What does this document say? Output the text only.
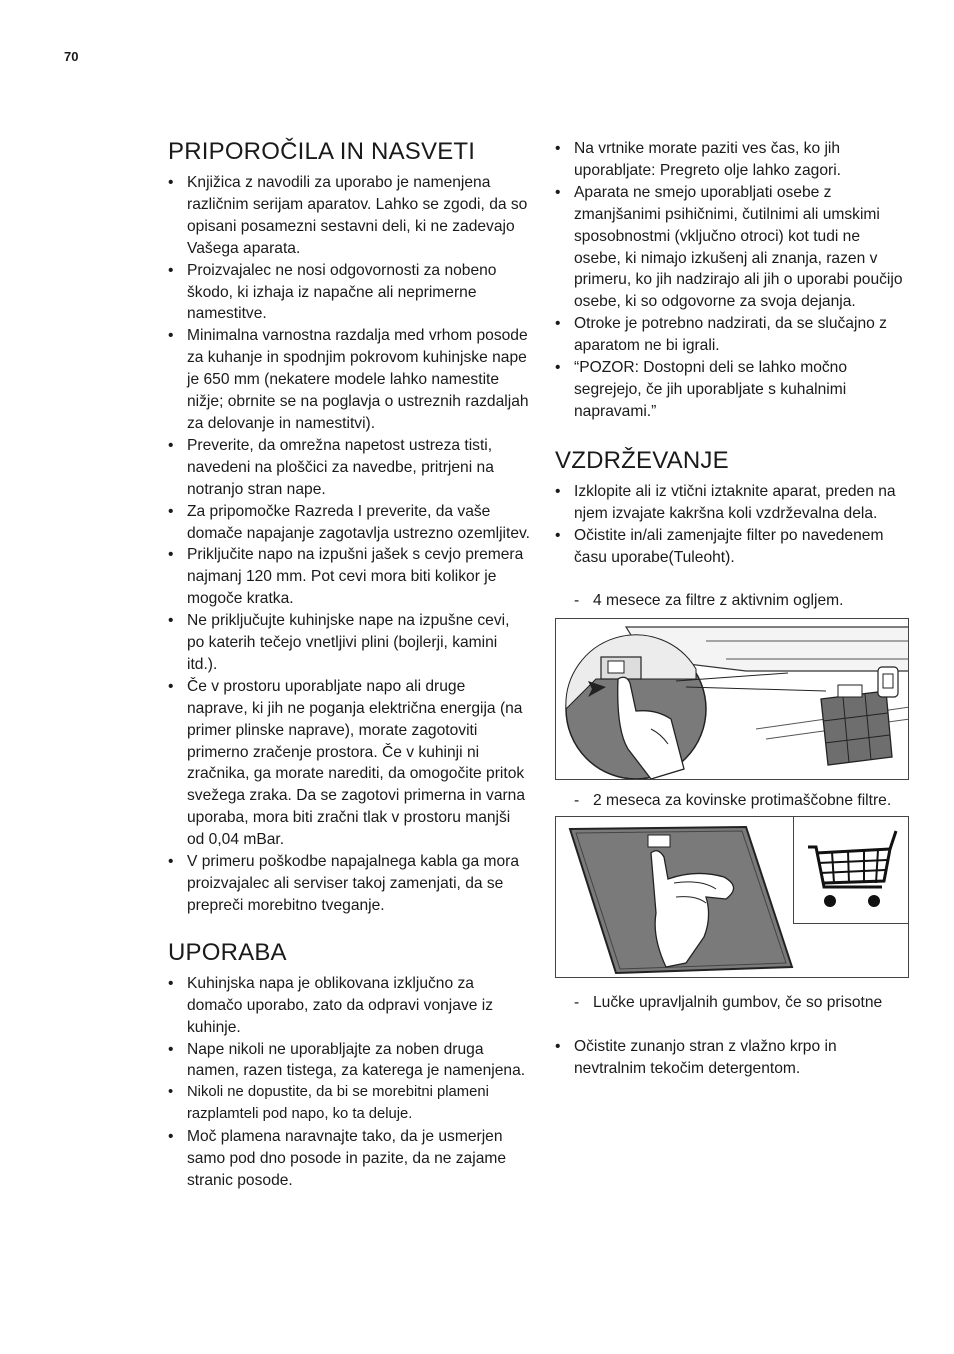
70
PRIPOROČILA IN NASVETI
• Knjižica z navodili za uporabo je namenjena različnim serijam aparatov. Lahko se zgodi, da so opisani posamezni sestavni deli, ki ne zadevajo Vašega aparata.
• Proizvajalec ne nosi odgovornosti za nobeno škodo, ki izhaja iz napačne ali neprimerne namestitve.
• Minimalna varnostna razdalja med vrhom posode za kuhanje in spodnjim pokrovom kuhinjske nape je 650 mm (nekatere modele lahko namestite nižje; obrnite se na poglavja o ustreznih razdaljah za delovanje in namestitvi).
• Preverite, da omrežna napetost ustreza tisti, navedeni na ploščici za navedbe, pritrjeni na notranjo stran nape.
• Za pripomočke Razreda I preverite, da vaše domače napajanje zagotavlja ustrezno ozemljitev.
• Priključite napo na izpušni jašek s cevjo premera najmanj 120 mm. Pot cevi mora biti kolikor je mogoče kratka.
• Ne priključujte kuhinjske nape na izpušne cevi, po katerih tečejo vnetljivi plini (bojlerji, kamini itd.).
• Če v prostoru uporabljate napo ali druge naprave, ki jih ne poganja električna energija (na primer plinske naprave), morate zagotoviti primerno zračenje prostora. Če v kuhinji ni zračnika, ga morate narediti, da omogočite pritok svežega zraka. Da se zagotovi primerna in varna uporaba, mora biti zračni tlak v prostoru manjši od 0,04 mBar.
• V primeru poškodbe napajalnega kabla ga mora proizvajalec ali serviser takoj zamenjati, da se prepreči morebitno tveganje.
UPORABA
• Kuhinjska napa je oblikovana izključno za domačo uporabo, zato da odpravi vonjave iz kuhinje.
• Nape nikoli ne uporabljajte za noben druga namen, razen tistega, za katerega je namenjena.
• Nikoli ne dopustite, da bi se morebitni plameni razplamteli pod napo, ko ta deluje.
• Moč plamena naravnajte tako, da je usmerjen samo pod dno posode in pazite, da ne zajame stranic posode.
• Na vrtnike morate paziti ves čas, ko jih uporabljate: Pregreto olje lahko zagori.
• Aparata ne smejo uporabljati osebe z zmanjšanimi psihičnimi, čutilnimi ali umskimi sposobnostmi (vključno otroci) kot tudi ne osebe, ki nimajo izkušenj ali znanja, razen v primeru, ko jih nadzirajo ali jih o uporabi poučijo osebe, ki so odgovorne za svoja dejanja.
• Otroke je potrebno nadzirati, da se slučajno z aparatom ne bi igrali.
• “POZOR: Dostopni deli se lahko močno segrejejo, če jih uporabljate s kuhalnimi napravami.”
VZDRŽEVANJE
• Izklopite ali iz vtični iztaknite aparat, preden na njem izvajate kakršna koli vzdrževalna dela.
• Očistite in/ali zamenjajte filter po navedenem času uporabe(Tuleoht).
- 4 mesece za filtre z aktivnim ogljem.
- 2 meseca za kovinske protimaščobne filtre.
- Lučke upravljalnih gumbov, če so prisotne
• Očistite zunanjo stran z vlažno krpo in nevtralnim tekočim detergentom.
